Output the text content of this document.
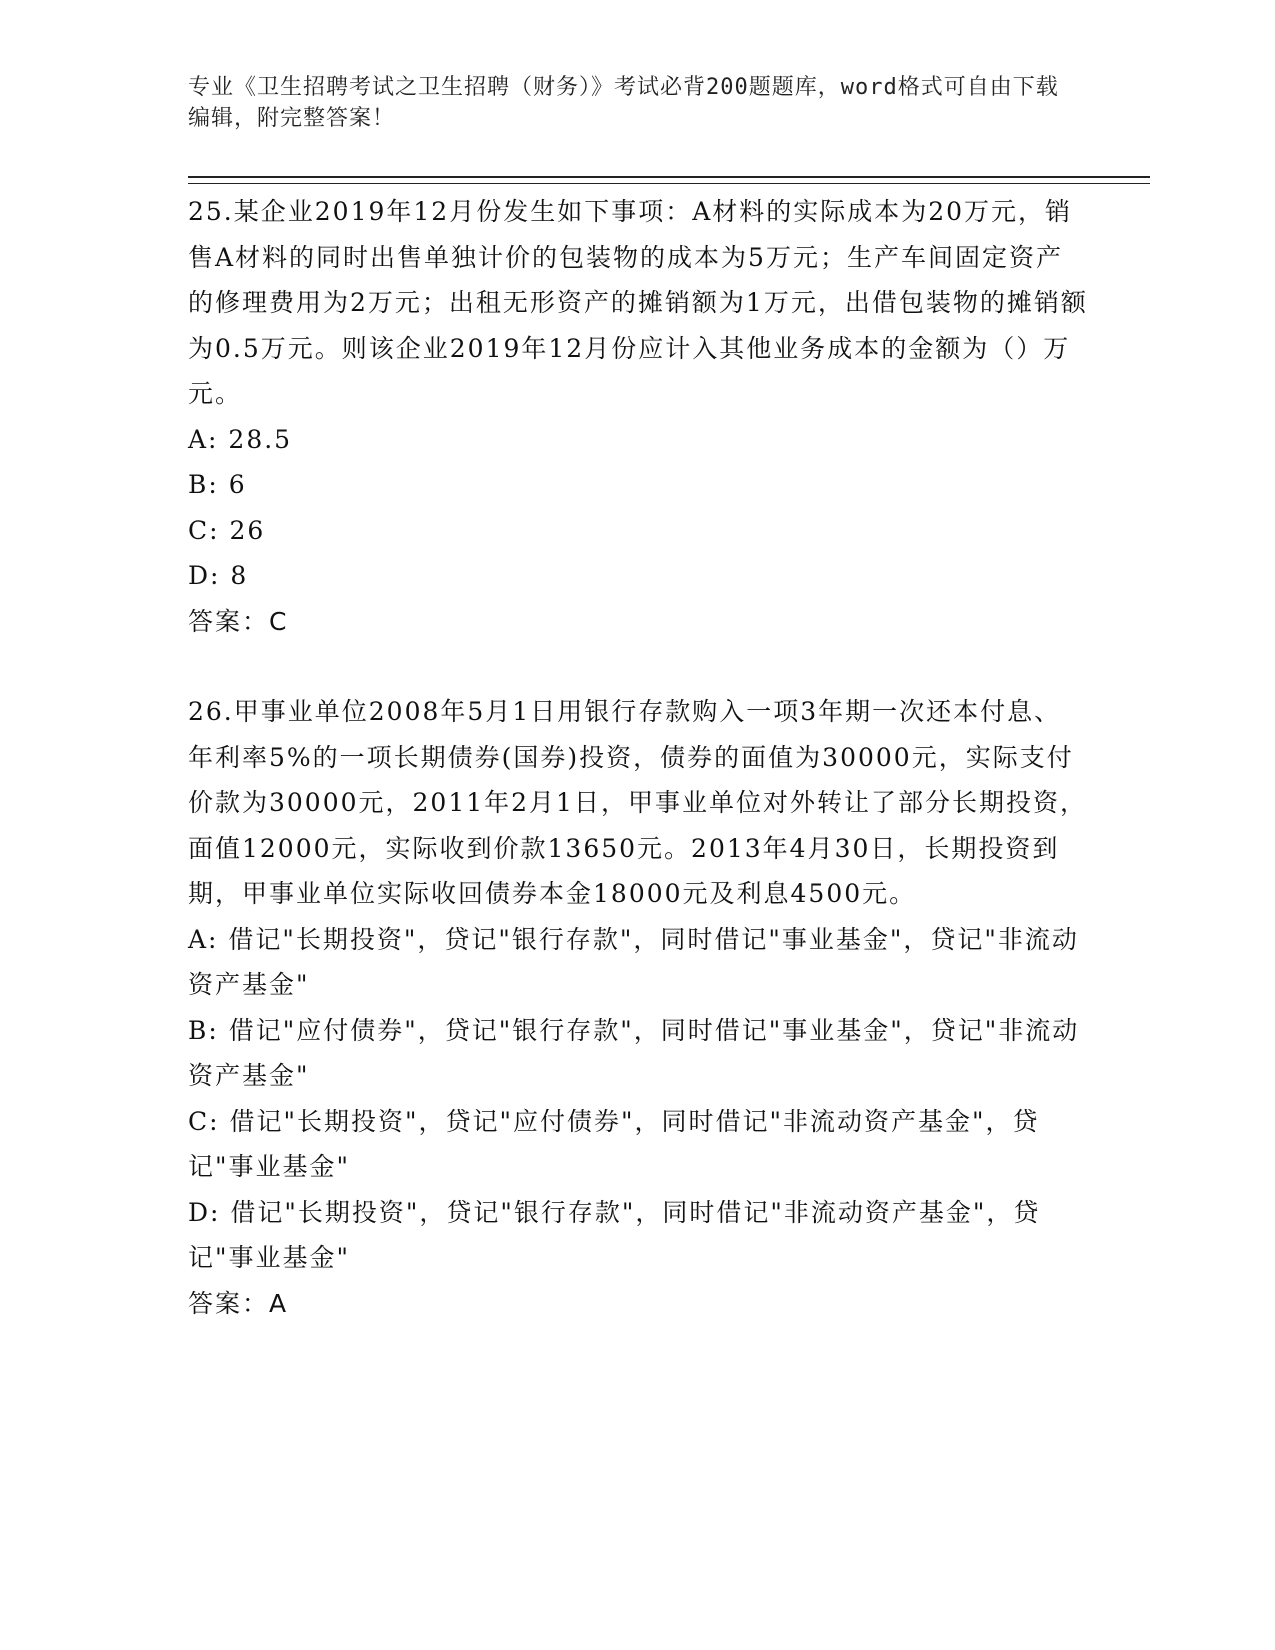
专业《卫生招聘考试之卫生招聘（财务）》考试必背200题题库，word格式可自由下载编辑，附完整答案！
25.某企业2019年12月份发生如下事项：A材料的实际成本为20万元，销售A材料的同时出售单独计价的包装物的成本为5万元；生产车间固定资产的修理费用为2万元；出租无形资产的摊销额为1万元，出借包装物的摊销额为0.5万元。则该企业2019年12月份应计入其他业务成本的金额为（）万元。
A: 28.5
B: 6
C: 26
D: 8
答案：C
26.甲事业单位2008年5月1日用银行存款购入一项3年期一次还本付息、年利率5%的一项长期债券(国券)投资，债券的面值为30000元，实际支付价款为30000元，2011年2月1日，甲事业单位对外转让了部分长期投资，面值12000元，实际收到价款13650元。2013年4月30日，长期投资到期，甲事业单位实际收回债券本金18000元及利息4500元。
A: 借记"长期投资"，贷记"银行存款"，同时借记"事业基金"，贷记"非流动资产基金"
B: 借记"应付债券"，贷记"银行存款"，同时借记"事业基金"，贷记"非流动资产基金"
C: 借记"长期投资"，贷记"应付债券"，同时借记"非流动资产基金"，贷记"事业基金"
D: 借记"长期投资"，贷记"银行存款"，同时借记"非流动资产基金"，贷记"事业基金"
答案：A
